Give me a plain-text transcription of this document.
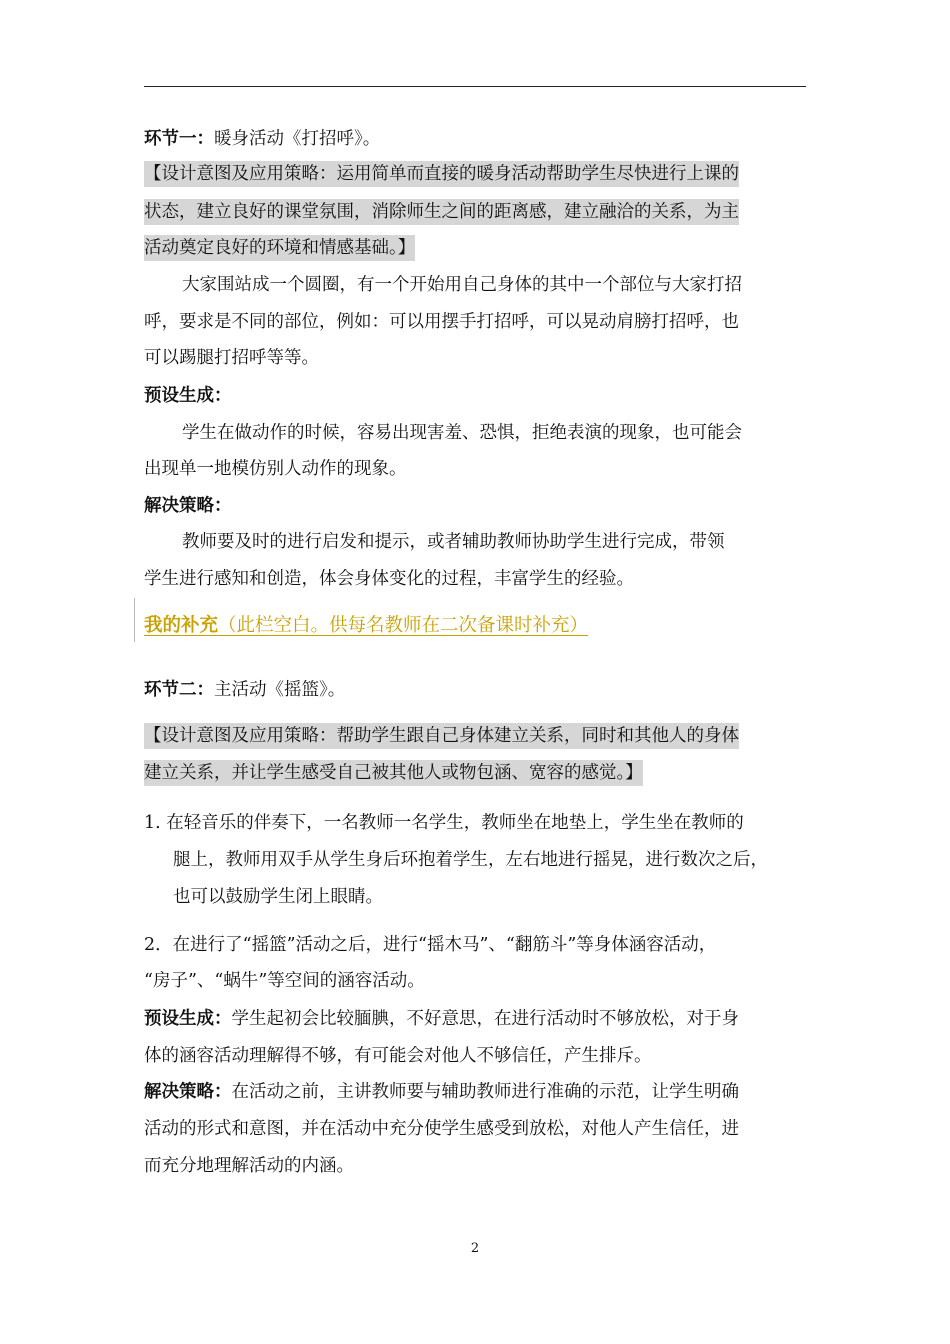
环节一：暖身活动《打招呼》。
【设计意图及应用策略：运用简单而直接的暖身活动帮助学生尽快进行上课的
状态，建立良好的课堂氛围，消除师生之间的距离感，建立融洽的关系，为主
活动奠定良好的环境和情感基础。】
大家围站成一个圆圈，有一个开始用自己身体的其中一个部位与大家打招
呼，要求是不同的部位，例如：可以用摆手打招呼，可以晃动肩膀打招呼，也
可以踢腿打招呼等等。
预设生成：
学生在做动作的时候，容易出现害羞、恐惧，拒绝表演的现象，也可能会
出现单一地模仿别人动作的现象。
解决策略：
教师要及时的进行启发和提示，或者辅助教师协助学生进行完成，带领
学生进行感知和创造，体会身体变化的过程，丰富学生的经验。
我的补充（此栏空白。供每名教师在二次备课时补充）
环节二：主活动《摇篮》。
【设计意图及应用策略：帮助学生跟自己身体建立关系，同时和其他人的身体
建立关系，并让学生感受自己被其他人或物包涵、宽容的感觉。】
1. 在轻音乐的伴奏下，一名教师一名学生，教师坐在地垫上，学生坐在教师的
腿上，教师用双手从学生身后环抱着学生，左右地进行摇晃，进行数次之后，
也可以鼓励学生闭上眼睛。
2．在进行了“摇篮”活动之后，进行“摇木马”、“翻筋斗”等身体涵容活动，
“房子”、“蜗牛”等空间的涵容活动。
预设生成：学生起初会比较腼腆，不好意思，在进行活动时不够放松，对于身
体的涵容活动理解得不够，有可能会对他人不够信任，产生排斥。
解决策略：在活动之前，主讲教师要与辅助教师进行准确的示范，让学生明确
活动的形式和意图，并在活动中充分使学生感受到放松，对他人产生信任，进
而充分地理解活动的内涵。
2
